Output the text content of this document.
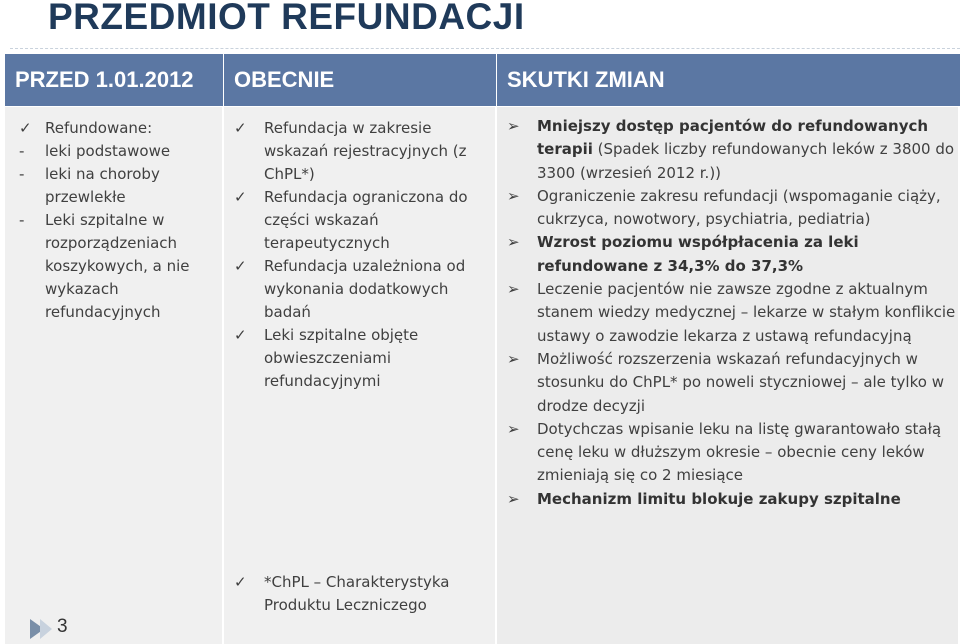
PRZEDMIOT REFUNDACJI
PRZED 1.01.2012
✓ Refundowane:
- leki podstawowe
- leki na choroby przewlekłe
- Leki szpitalne w rozporządzeniach koszykowych, a nie wykazach refundacyjnych
OBECNIE
✓ Refundacja w zakresie wskazań rejestracyjnych (z ChPL*)
✓ Refundacja ograniczona do części wskazań terapeutycznych
✓ Refundacja uzależniona od wykonania dodatkowych badań
✓ Leki szpitalne objęte obwieszczeniami refundacyjnymi
✓ *ChPL – Charakterystyka Produktu Leczniczego
SKUTKI ZMIAN
➢ Mniejszy dostęp pacjentów do refundowanych terapii (Spadek liczby refundowanych leków z 3800 do 3300 (wrzesień 2012 r.))
➢ Ograniczenie zakresu refundacji (wspomaganie ciąży, cukrzyca, nowotwory, psychiatria, pediatria)
➢ Wzrost poziomu współpłacenia za leki refundowane z 34,3% do 37,3%
➢ Leczenie pacjentów nie zawsze zgodne z aktualnym stanem wiedzy medycznej – lekarze w stałym konflikcie ustawy o zawodzie lekarza z ustawą refundacyjną
➢ Możliwość rozszerzenia wskazań refundacyjnych w stosunku do ChPL* po noweli styczniowej – ale tylko w drodze decyzji
➢ Dotychczas wpisanie leku na listę gwarantowało stałą cenę leku w dłuższym okresie – obecnie ceny leków zmieniają się co 2 miesiące
➢ Mechanizm limitu blokuje zakupy szpitalne
3
